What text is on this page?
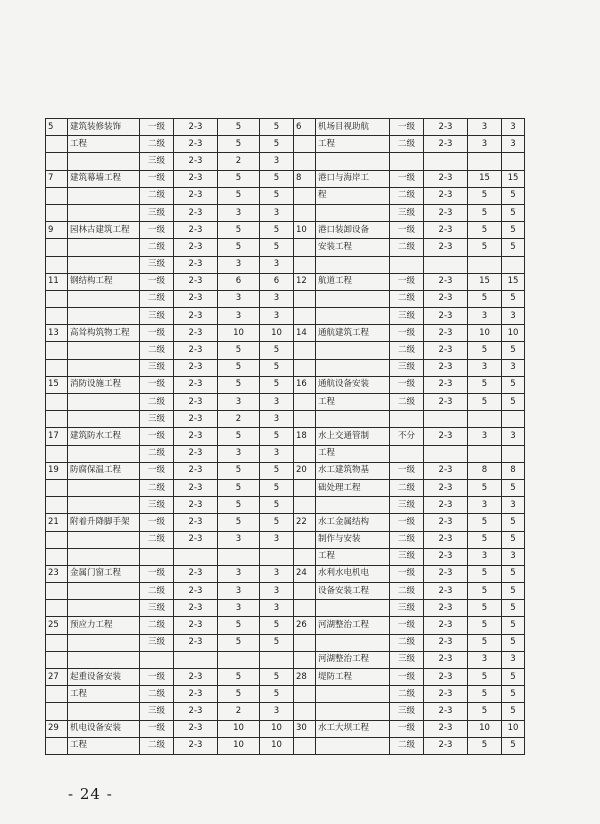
5	建筑装修装饰	一级	2-3	5	5	6	机场目视助航	一级	2-3	3	3
	工程	二级	2-3	5	5		工程	二级	2-3	3	3
		三级	2-3	2	3						
7	建筑幕墙工程	一级	2-3	5	5	8	港口与海岸工	一级	2-3	15	15
		二级	2-3	5	5		程	二级	2-3	5	5
		三级	2-3	3	3			三级	2-3	5	5
9	园林古建筑工程	一级	2-3	5	5	10	港口装卸设备	一级	2-3	5	5
		二级	2-3	5	5		安装工程	二级	2-3	5	5
		三级	2-3	3	3						
11	钢结构工程	一级	2-3	6	6	12	航道工程	一级	2-3	15	15
		二级	2-3	3	3			二级	2-3	5	5
		三级	2-3	3	3			三级	2-3	3	3
13	高耸构筑物工程	一级	2-3	10	10	14	通航建筑工程	一级	2-3	10	10
		二级	2-3	5	5			二级	2-3	5	5
		三级	2-3	5	5			三级	2-3	3	3
15	消防设施工程	一级	2-3	5	5	16	通航设备安装	一级	2-3	5	5
		二级	2-3	3	3		工程	二级	2-3	5	5
		三级	2-3	2	3						
17	建筑防水工程	一级	2-3	5	5	18	水上交通管制	不分	2-3	3	3
		二级	2-3	3	3		工程				
19	防腐保温工程	一级	2-3	5	5	20	水工建筑物基	一级	2-3	8	8
		二级	2-3	5	5		础处理工程	二级	2-3	5	5
		三级	2-3	5	5			三级	2-3	3	3
21	附着升降脚手架	一级	2-3	5	5	22	水工金属结构	一级	2-3	5	5
		二级	2-3	3	3		制作与安装	二级	2-3	5	5
							工程	三级	2-3	3	3
23	金属门窗工程	一级	2-3	3	3	24	水利水电机电	一级	2-3	5	5
		二级	2-3	3	3		设备安装工程	二级	2-3	5	5
		三级	2-3	3	3			三级	2-3	5	5
25	预应力工程	二级	2-3	5	5	26	河湖整治工程	一级	2-3	5	5
		三级	2-3	5	5			二级	2-3	5	5
							河湖整治工程	三级	2-3	3	3
27	起重设备安装	一级	2-3	5	5	28	堤防工程	一级	2-3	5	5
	工程	二级	2-3	5	5			二级	2-3	5	5
		三级	2-3	2	3			三级	2-3	5	5
29	机电设备安装	一级	2-3	10	10	30	水工大坝工程	一级	2-3	10	10
	工程	二级	2-3	10	10			二级	2-3	5	5
- 24 -
